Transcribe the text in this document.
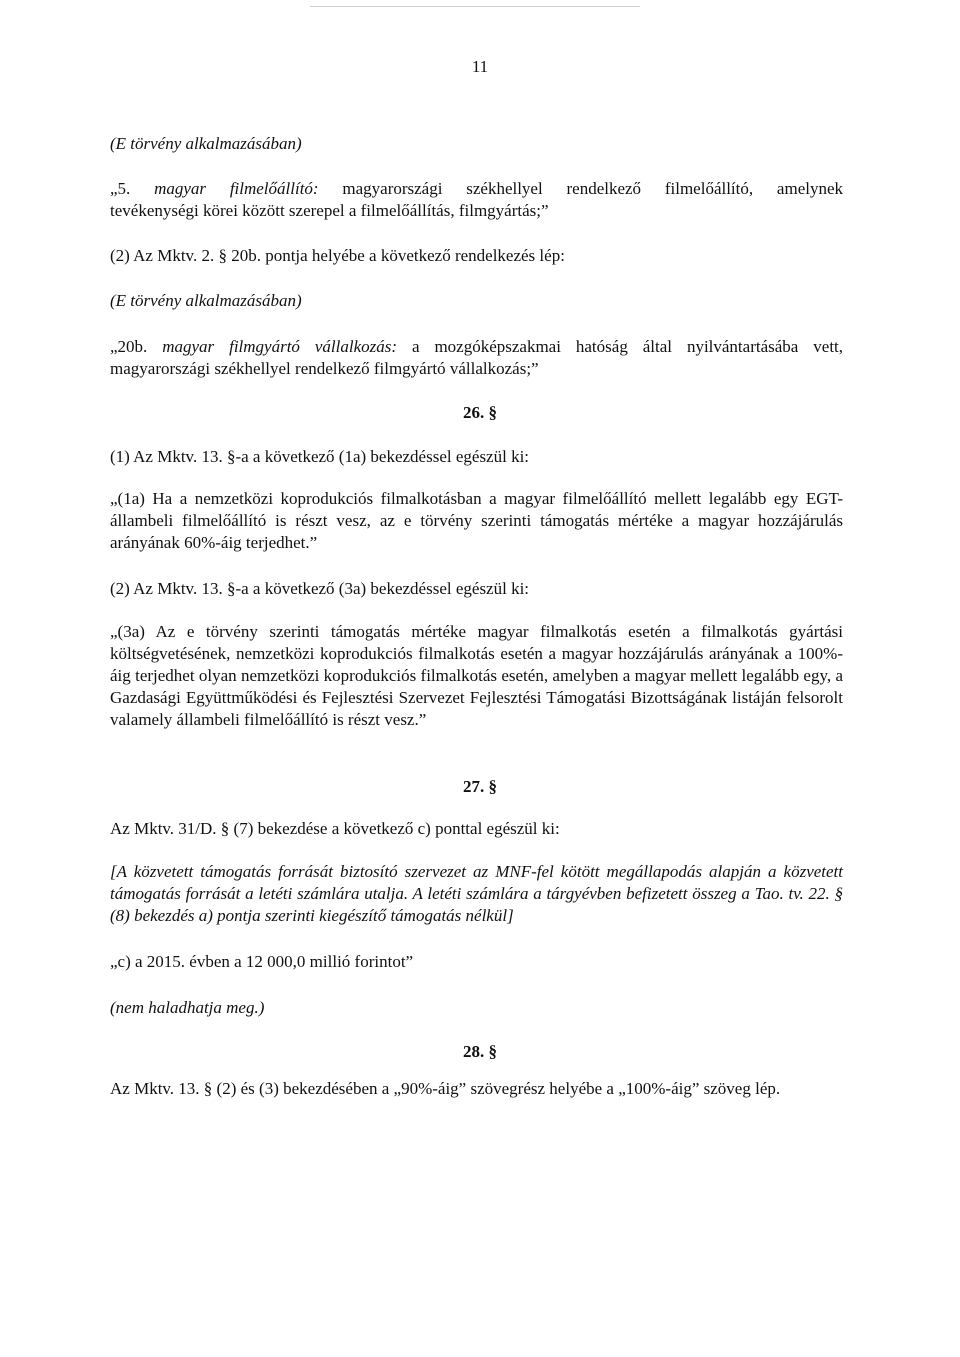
11

(E törvény alkalmazásában)

„5. magyar filmelőállító: magyarországi székhellyel rendelkező filmelőállító, amelynek
tevékenységi körei között szerepel a filmelőállítás, filmgyártás;”

(2) Az Mktv. 2. § 20b. pontja helyébe a következő rendelkezés lép:

(E törvény alkalmazásában)

„20b. magyar filmgyártó vállalkozás: a mozgóképszakmai hatóság által nyilvántartásába vett,
magyarországi székhellyel rendelkező filmgyártó vállalkozás;”

26. §

(1) Az Mktv. 13. §-a a következő (1a) bekezdéssel egészül ki:

„(1a) Ha a nemzetközi koprodukciós filmalkotásban a magyar filmelőállító mellett legalább egy EGT-állambeli filmelőállító is részt vesz, az e törvény szerinti támogatás mértéke a magyar hozzájárulás arányának 60%-áig terjedhet.”

(2) Az Mktv. 13. §-a a következő (3a) bekezdéssel egészül ki:

„(3a) Az e törvény szerinti támogatás mértéke magyar filmalkotás esetén a filmalkotás gyártási költségvetésének, nemzetközi koprodukciós filmalkotás esetén a magyar hozzájárulás arányának a 100%-áig terjedhet olyan nemzetközi koprodukciós filmalkotás esetén, amelyben a magyar mellett legalább egy, a Gazdasági Együttműködési és Fejlesztési Szervezet Fejlesztési Támogatási Bizottságának listáján felsorolt valamely állambeli filmelőállító is részt vesz.”

27. §

Az Mktv. 31/D. § (7) bekezdése a következő c) ponttal egészül ki:

[A közvetett támogatás forrását biztosító szervezet az MNF-fel kötött megállapodás alapján a közvetett támogatás forrását a letéti számlára utalja. A letéti számlára a tárgyévben befizetett összeg a Tao. tv. 22. § (8) bekezdés a) pontja szerinti kiegészítő támogatás nélkül]

„c) a 2015. évben a 12 000,0 millió forintot”

(nem haladhatja meg.)

28. §

Az Mktv. 13. § (2) és (3) bekezdésében a „90%-áig” szövegrész helyébe a „100%-áig” szöveg lép.
